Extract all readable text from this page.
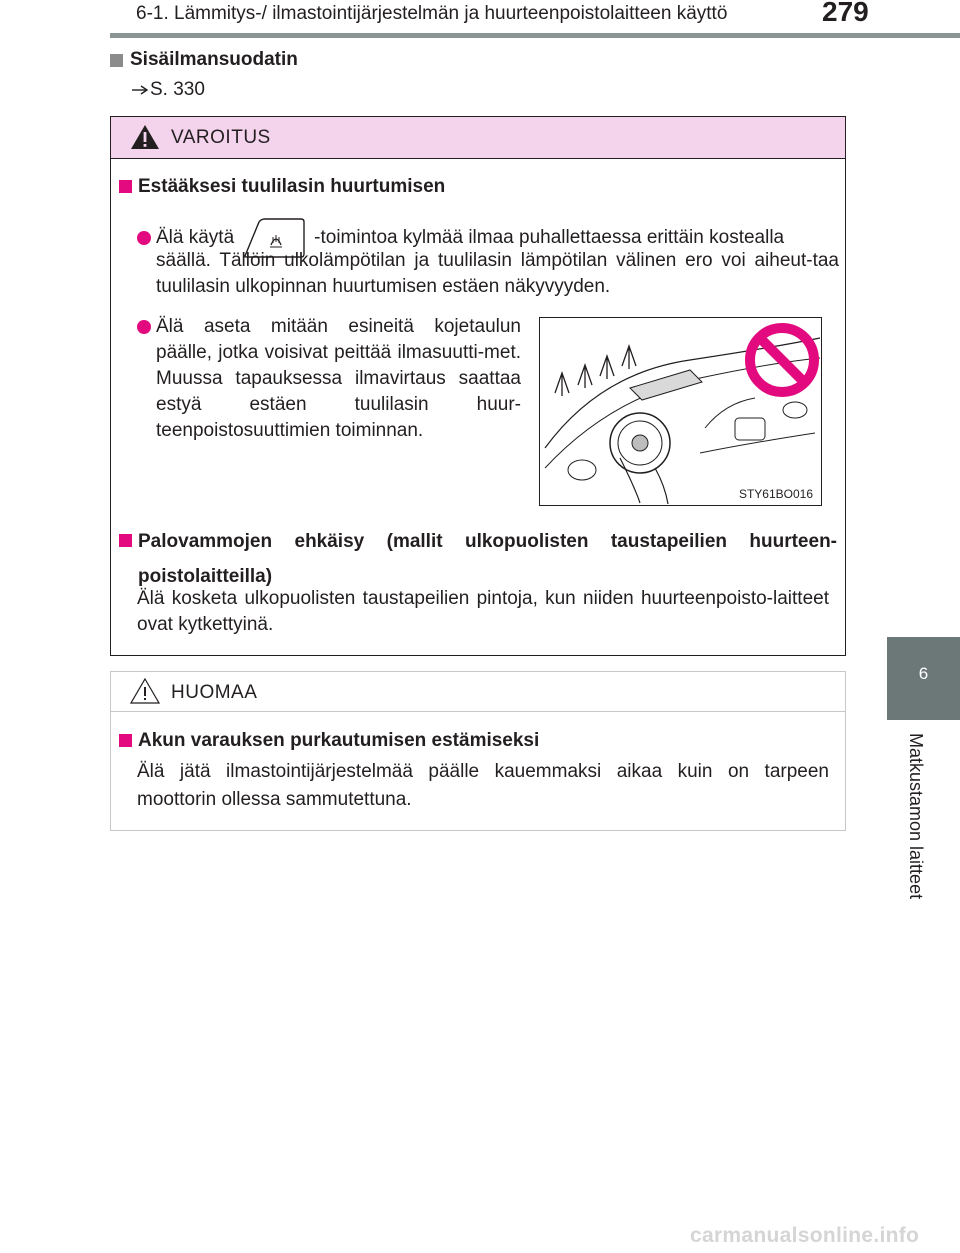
6-1. Lämmitys-/ ilmastointijärjestelmän ja huurteenpoistolaitteen käyttö	279
Sisäilmansuodatin
S. 330
VAROITUS
Estääksesi tuulilasin huurtumisen
Älä käytä	-toimintoa kylmää ilmaa puhallettaessa erittäin kostealla
säällä. Tällöin ulkolämpötilan ja tuulilasin lämpötilan välinen ero voi aiheut-taa tuulilasin ulkopinnan huurtumisen estäen näkyvyyden.
Älä aseta mitään esineitä kojetaulun päälle, jotka voisivat peittää ilmasuutti-met. Muussa tapauksessa ilmavirtaus saattaa estyä estäen tuulilasin huur-teenpoistosuuttimien toiminnan.
STY61BO016
Palovammojen ehkäisy (mallit ulkopuolisten taustapeilien huurteen-poistolaitteilla)
Älä kosketa ulkopuolisten taustapeilien pintoja, kun niiden huurteenpoisto-laitteet ovat kytkettyinä.
HUOMAA
Akun varauksen purkautumisen estämiseksi
Älä jätä ilmastointijärjestelmää päälle kauemmaksi aikaa kuin on tarpeen moottorin ollessa sammutettuna.
6
Matkustamon laitteet
carmanualsonline.info
